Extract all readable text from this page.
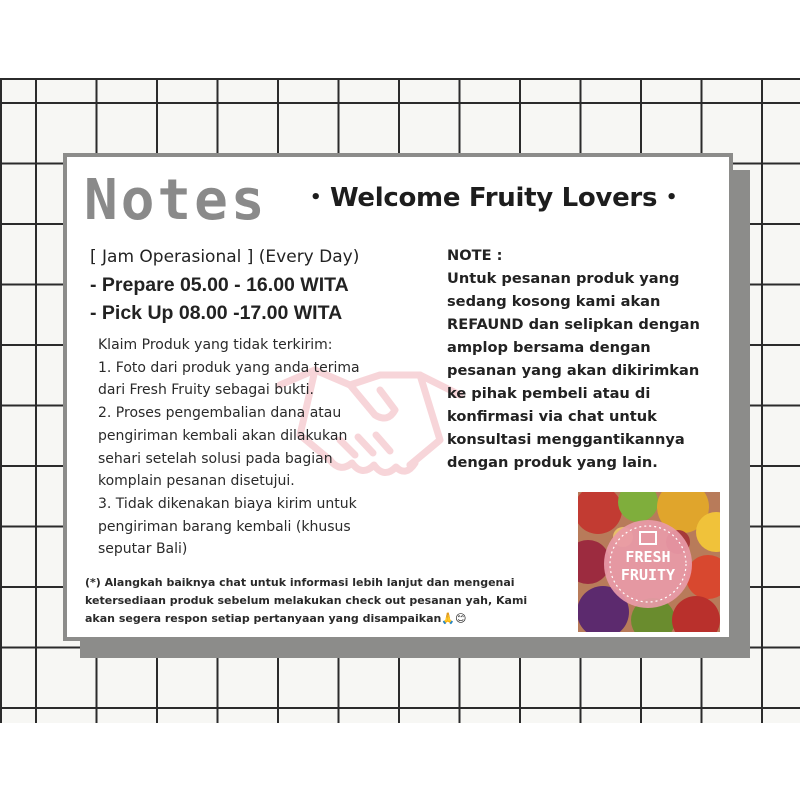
Notes • Welcome Fruity Lovers •
[ Jam Operasional ] (Every Day)
- Prepare 05.00 - 16.00 WITA
- Pick Up 08.00 -17.00 WITA
Klaim Produk yang tidak terkirim:
1. Foto dari produk yang anda terima
dari Fresh Fruity sebagai bukti.
2. Proses pengembalian dana atau
pengiriman kembali akan dilakukan
sehari setelah solusi pada bagian
komplain pesanan disetujui.
3. Tidak dikenakan biaya kirim untuk
pengiriman barang kembali (khusus
seputar Bali)
NOTE :
Untuk pesanan produk yang
sedang kosong kami akan
REFAUND dan selipkan dengan
amplop bersama dengan
pesanan yang akan dikirimkan
ke pihak pembeli atau di
konfirmasi via chat untuk
konsultasi menggantikannya
dengan produk yang lain.
(*) Alangkah baiknya chat untuk informasi lebih lanjut dan mengenai
ketersediaan produk sebelum melakukan check out pesanan yah, Kami
akan segera respon setiap pertanyaan yang disampaikan🙏😊
FRESH
FRUITY
